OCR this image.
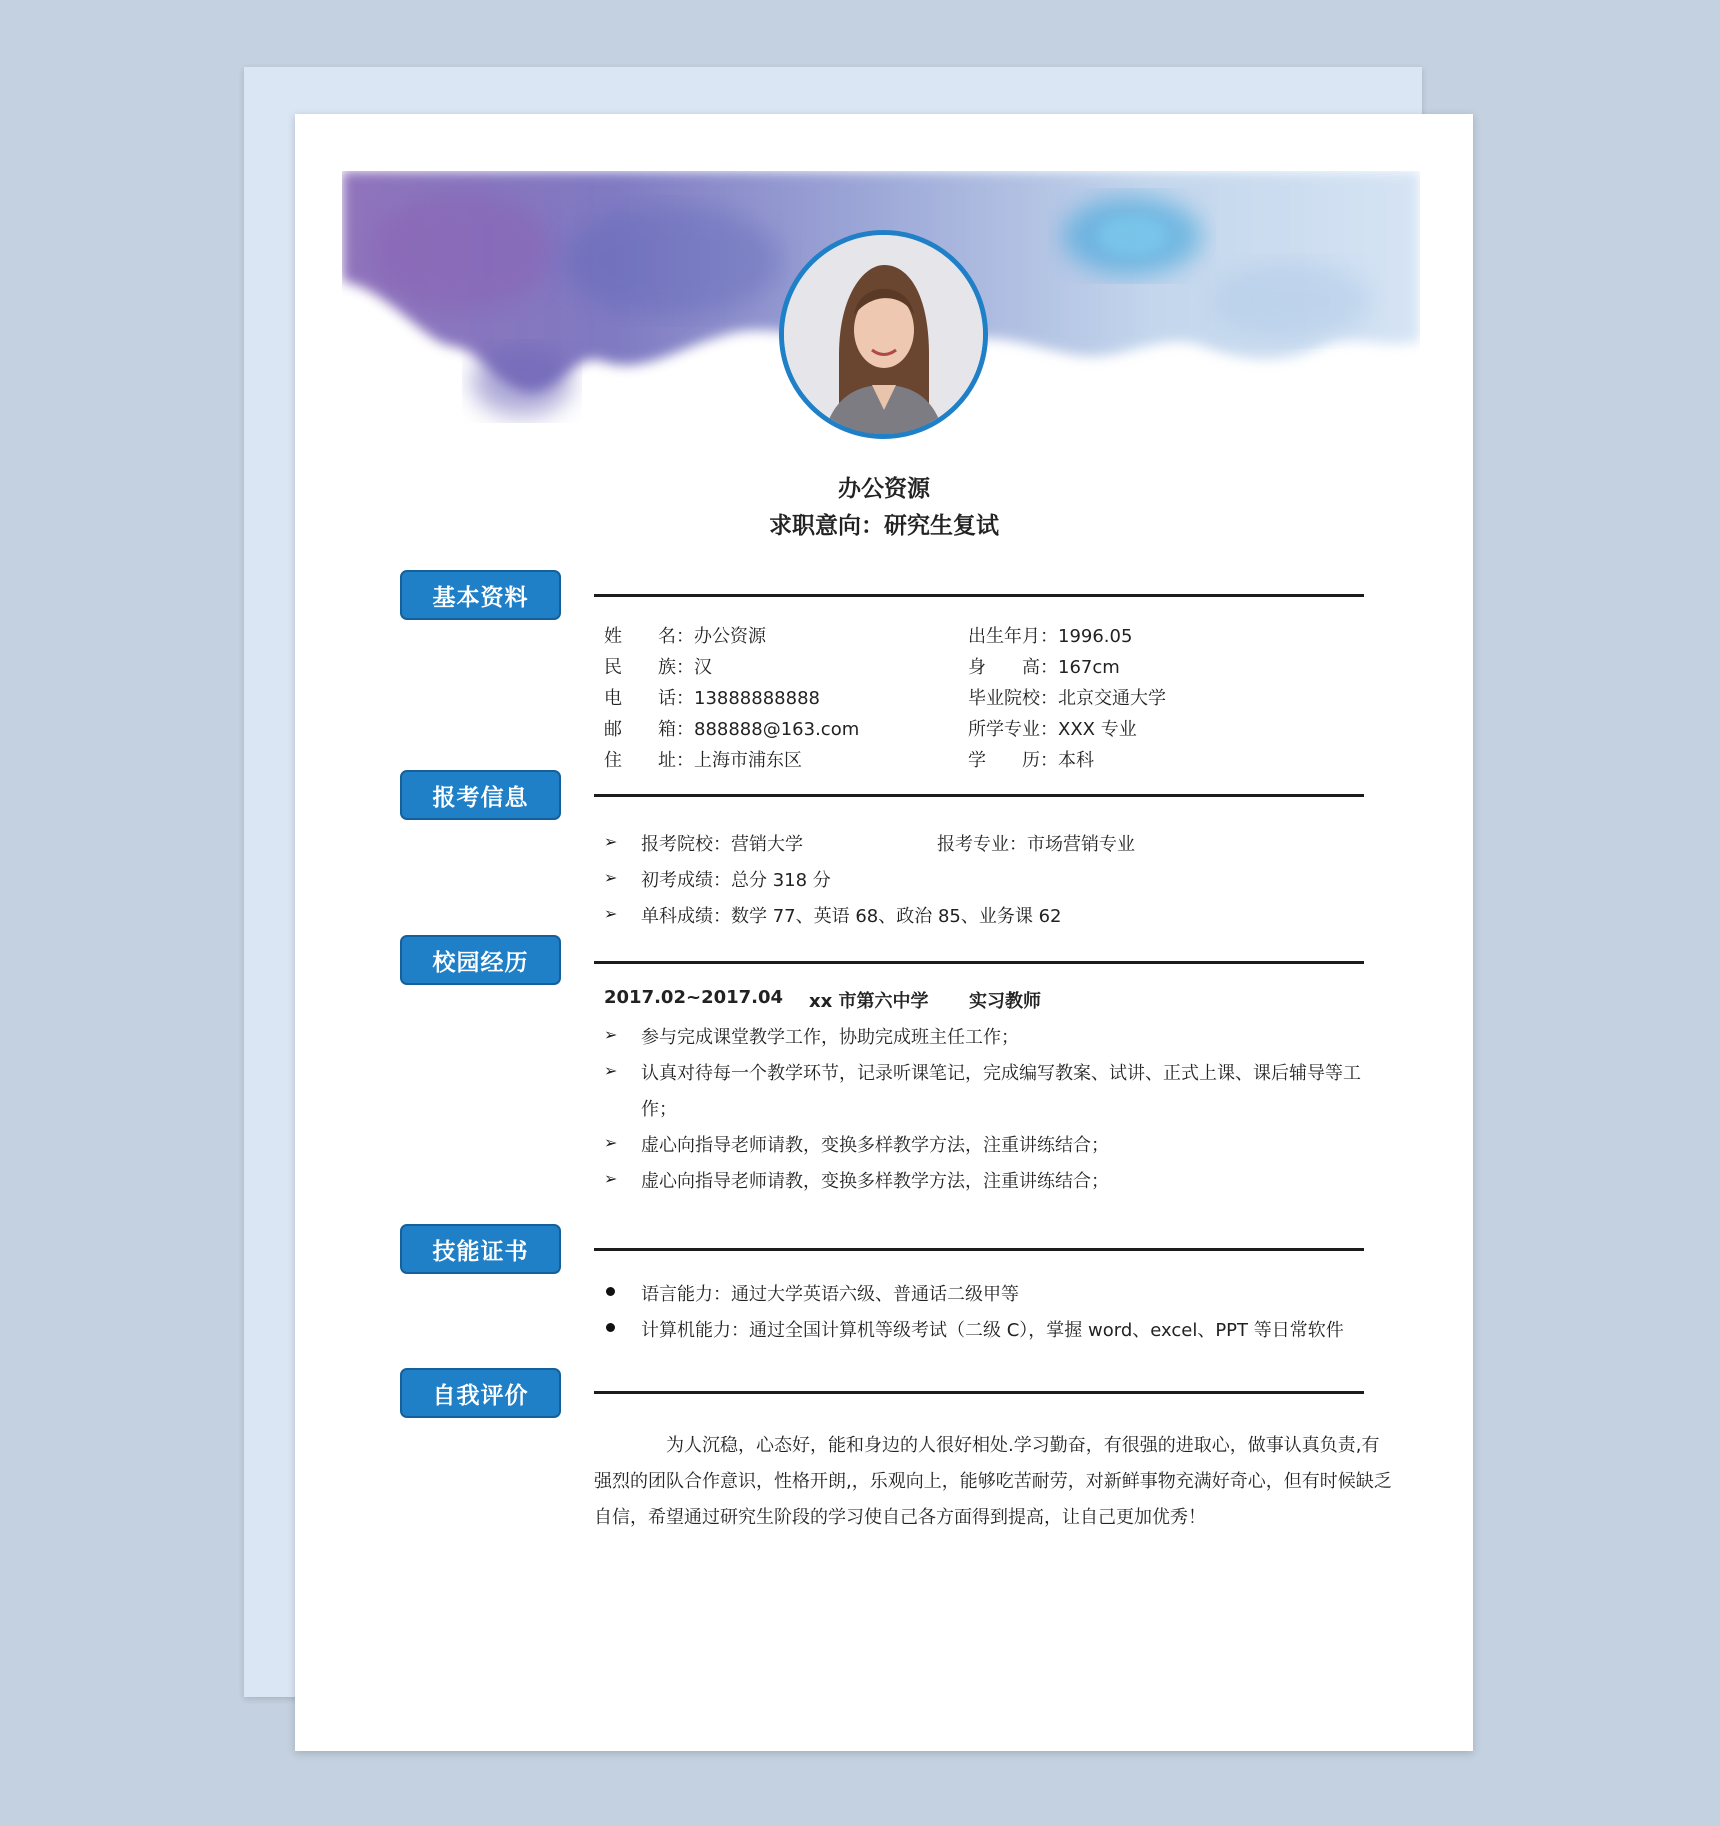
办公资源
求职意向：研究生复试
基本资料
姓　　名：办公资源
民　　族：汉
电　　话：13888888888
邮　　箱：888888@163.com
住　　址：上海市浦东区
出生年月：1996.05
身　　高：167cm
毕业院校：北京交通大学
所学专业：XXX 专业
学　　历：本科
报考信息
➢ 报考院校：营销大学	报考专业：市场营销专业
➢ 初考成绩：总分 318 分
➢ 单科成绩：数学 77、英语 68、政治 85、业务课 62
校园经历
2017.02~2017.04 xx 市第六中学 实习教师
➢ 参与完成课堂教学工作，协助完成班主任工作；
➢ 认真对待每一个教学环节，记录听课笔记，完成编写教案、试讲、正式上课、课后辅导等工
作；
➢ 虚心向指导老师请教，变换多样教学方法，注重讲练结合；
➢ 虚心向指导老师请教，变换多样教学方法，注重讲练结合；
技能证书
语言能力：通过大学英语六级、普通话二级甲等
计算机能力：通过全国计算机等级考试（二级 C），掌握 word、excel、PPT 等日常软件
自我评价
为人沉稳，心态好，能和身边的人很好相处.学习勤奋，有很强的进取心，做事认真负责,有强烈的团队合作意识，性格开朗,，乐观向上，能够吃苦耐劳，对新鲜事物充满好奇心，但有时候缺乏自信，希望通过研究生阶段的学习使自己各方面得到提高，让自己更加优秀！
